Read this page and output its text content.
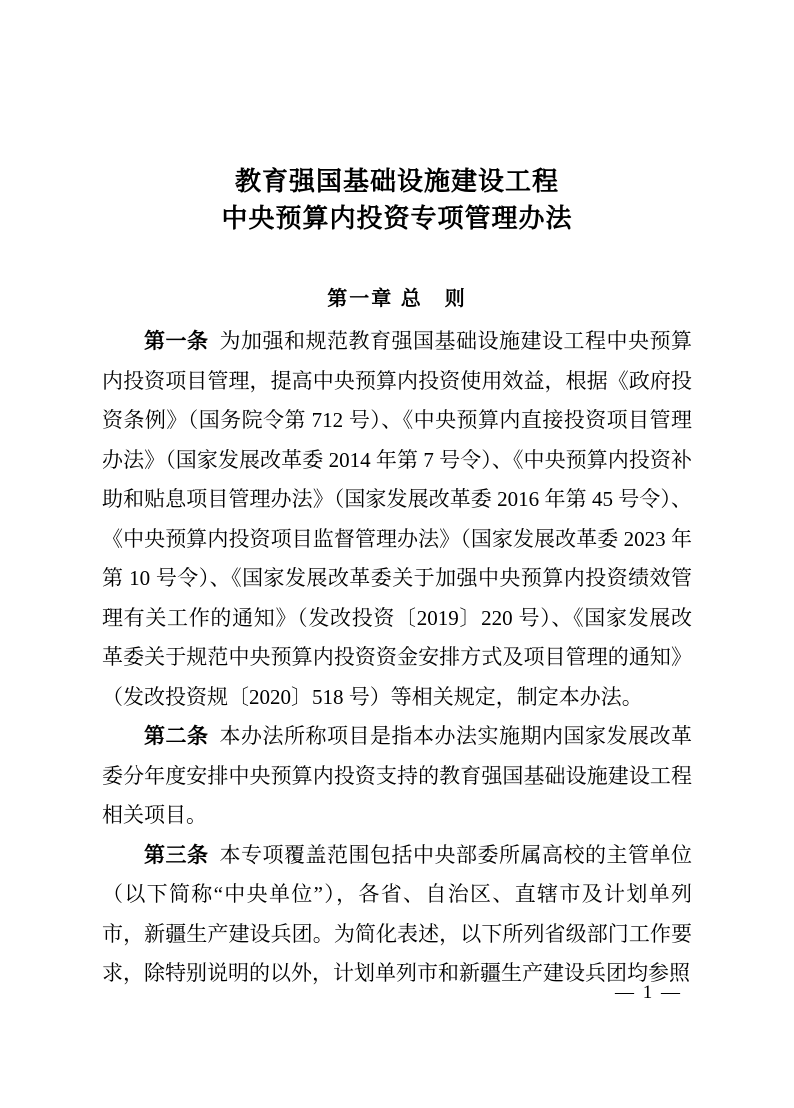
教育强国基础设施建设工程
中央预算内投资专项管理办法
第一章 总　则

第一条 为加强和规范教育强国基础设施建设工程中央预算内投资项目管理，提高中央预算内投资使用效益，根据《政府投资条例》（国务院令第 712 号）、《中央预算内直接投资项目管理办法》（国家发展改革委 2014 年第 7 号令）、《中央预算内投资补助和贴息项目管理办法》（国家发展改革委 2016 年第 45 号令）、《中央预算内投资项目监督管理办法》（国家发展改革委 2023 年第 10 号令）、《国家发展改革委关于加强中央预算内投资绩效管理有关工作的通知》（发改投资〔2019〕220 号）、《国家发展改革委关于规范中央预算内投资资金安排方式及项目管理的通知》（发改投资规〔2020〕518 号）等相关规定，制定本办法。

第二条 本办法所称项目是指本办法实施期内国家发展改革委分年度安排中央预算内投资支持的教育强国基础设施建设工程相关项目。

第三条 本专项覆盖范围包括中央部委所属高校的主管单位（以下简称“中央单位”），各省、自治区、直辖市及计划单列市，新疆生产建设兵团。为简化表述，以下所列省级部门工作要求，除特别说明的以外，计划单列市和新疆生产建设兵团均参照

— 1 —
